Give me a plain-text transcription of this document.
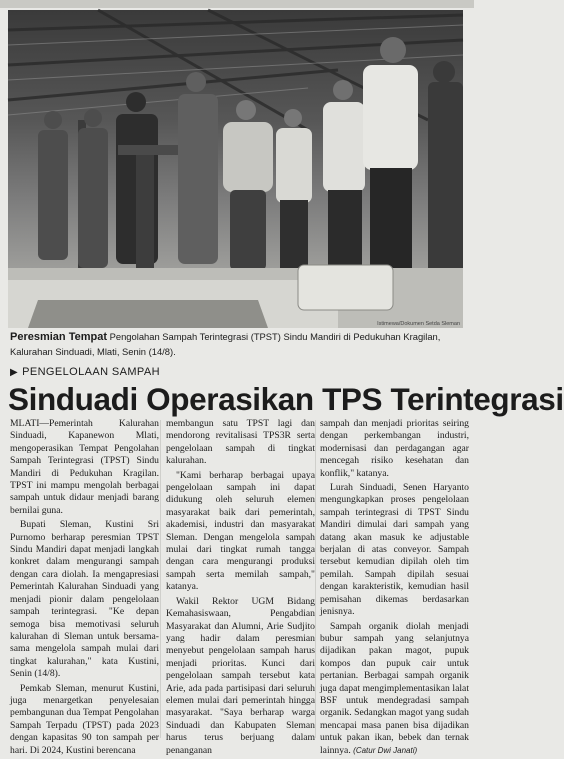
Istimewa/Dokumen Setda Sleman
Peresmian Tempat Pengolahan Sampah Terintegrasi (TPST) Sindu Mandiri di Pedukuhan Kragilan, Kalurahan Sinduadi, Mlati, Senin (14/8).
▶ PENGELOLAAN SAMPAH
Sinduadi Operasikan TPS Terintegrasi

MLATI—Pemerintah Kalurahan Sinduadi, Kapanewon Mlati, mengoperasikan Tempat Pengolahan Sampah Terintegrasi (TPST) Sindu Mandiri di Pedukuhan Kragilan. TPST ini mampu mengolah berbagai sampah untuk didaur menjadi barang bernilai guna.

Bupati Sleman, Kustini Sri Purnomo berharap peresmian TPST Sindu Mandiri dapat menjadi langkah konkret dalam mengurangi sampah dengan cara diolah. Ia mengapresiasi Pemerintah Kalurahan Sinduadi yang menjadi pionir dalam pengelolaan sampah terintegrasi. "Ke depan semoga bisa memotivasi seluruh kalurahan di Sleman untuk bersama-sama mengelola sampah mulai dari tingkat kalurahan," kata Kustini, Senin (14/8).

Pemkab Sleman, menurut Kustini, juga menargetkan penyelesaian pembangunan dua Tempat Pengolahan Sampah Terpadu (TPST) pada 2023 dengan kapasitas 90 ton sampah per hari. Di 2024, Kustini berencana

membangun satu TPST lagi dan mendorong revitalisasi TPS3R serta pengelolaan sampah di tingkat kalurahan.

"Kami berharap berbagai upaya pengelolaan sampah ini dapat didukung oleh seluruh elemen masyarakat baik dari pemerintah, akademisi, industri dan masyarakat Sleman. Dengan mengelola sampah mulai dari tingkat rumah tangga dengan cara mengurangi produksi sampah serta memilah sampah," katanya.

Wakil Rektor UGM Bidang Kemahasiswaan, Pengabdian Masyarakat dan Alumni, Arie Sudjito yang hadir dalam peresmian menyebut pengelolaan sampah harus menjadi prioritas. Kunci dari pengelolaan sampah tersebut kata Arie, ada pada partisipasi dari seluruh elemen mulai dari pemerintah hingga masyarakat. "Saya berharap warga Sinduadi dan Kabupaten Sleman harus terus berjuang dalam penanganan

sampah dan menjadi prioritas seiring dengan perkembangan industri, modernisasi dan perdagangan agar mencegah risiko kesehatan dan konflik," katanya.

Lurah Sinduadi, Senen Haryanto mengungkapkan proses pengelolaan sampah terintegrasi di TPST Sindu Mandiri dimulai dari sampah yang datang akan masuk ke adjustable berjalan di atas conveyor. Sampah tersebut kemudian dipilah oleh tim pemilah. Sampah dipilah sesuai dengan karakteristik, kemudian hasil pemisahan dikemas berdasarkan jenisnya.

Sampah organik diolah menjadi bubur sampah yang selanjutnya dijadikan pakan magot, pupuk kompos dan pupuk cair untuk pertanian. Berbagai sampah organik juga dapat mengimplementasikan lalat BSF untuk mendegradasi sampah organik. Sedangkan magot yang sudah mencapai masa panen bisa dijadikan untuk pakan ikan, bebek dan ternak lainnya. (Catur Dwi Janati)
